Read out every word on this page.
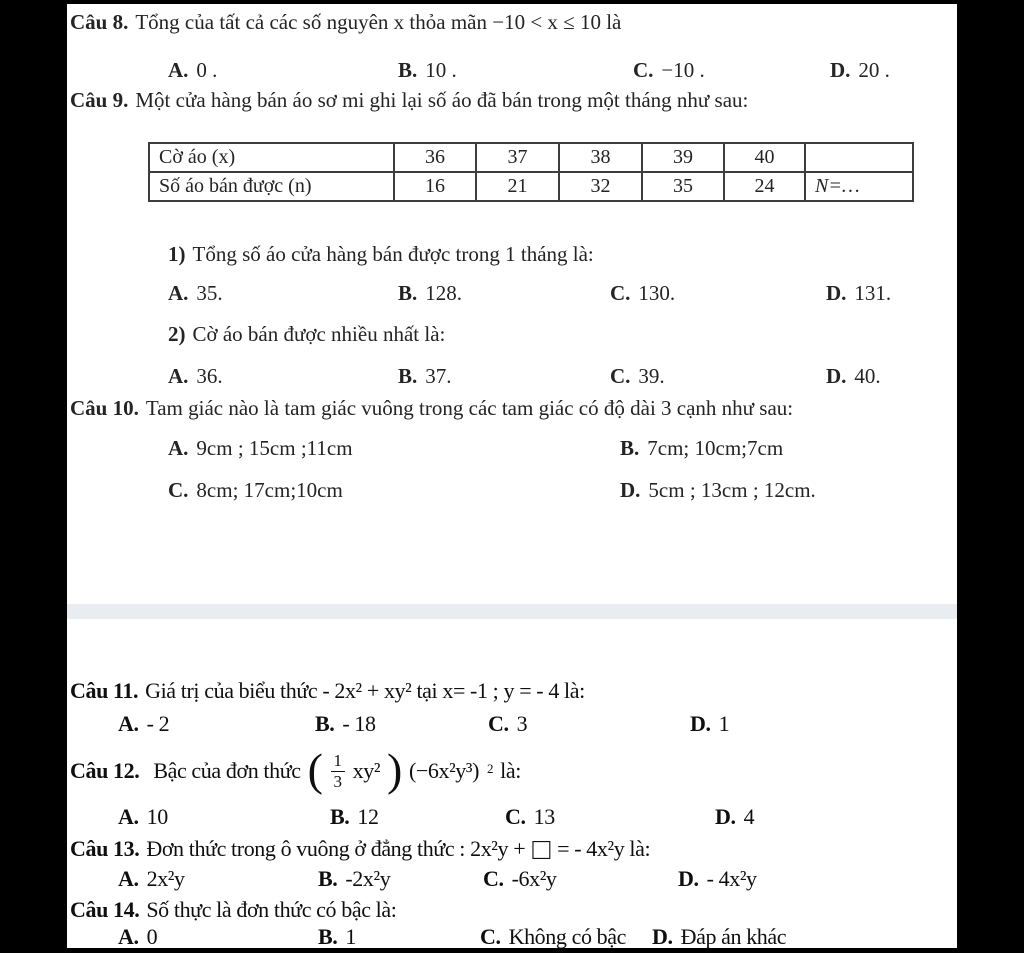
Câu 8. Tổng của tất cả các số nguyên x thỏa mãn −10 < x ≤ 10 là
A. 0 .	B. 10 .	C. −10 .	D. 20 .
Câu 9. Một cửa hàng bán áo sơ mi ghi lại số áo đã bán trong một tháng như sau:
Cờ áo (x)	36	37	38	39	40	
Số áo bán được (n)	16	21	32	35	24	N=…
1) Tổng số áo cửa hàng bán được trong 1 tháng là:
A. 35.	B. 128.	C. 130.	D. 131.
2) Cờ áo bán được nhiều nhất là:
A. 36.	B. 37.	C. 39.	D. 40.
Câu 10. Tam giác nào là tam giác vuông trong các tam giác có độ dài 3 cạnh như sau:
A. 9cm ; 15cm ;11cm	B. 7cm; 10cm;7cm
C. 8cm; 17cm;10cm	D. 5cm ; 13cm ; 12cm.
Câu 11. Giá trị của biểu thức - 2x² + xy² tại x= -1 ; y = - 4 là:
A. - 2	B. - 18	C. 3	D. 1
Câu 12. Bậc của đơn thức ( $\frac{1}{3} xy^2$ ) (−6x²y³) $^2$ là:
A. 10	B. 12	C. 13	D. 4
Câu 13. Đơn thức trong ô vuông ở đẳng thức : 2x²y + □ = - 4x²y là:
A. 2x²y	B. -2x²y	C. -6x²y	D. - 4x²y
Câu 14. Số thực là đơn thức có bậc là:
A. 0	B. 1	C. Không có bậc D. Đáp án khác
